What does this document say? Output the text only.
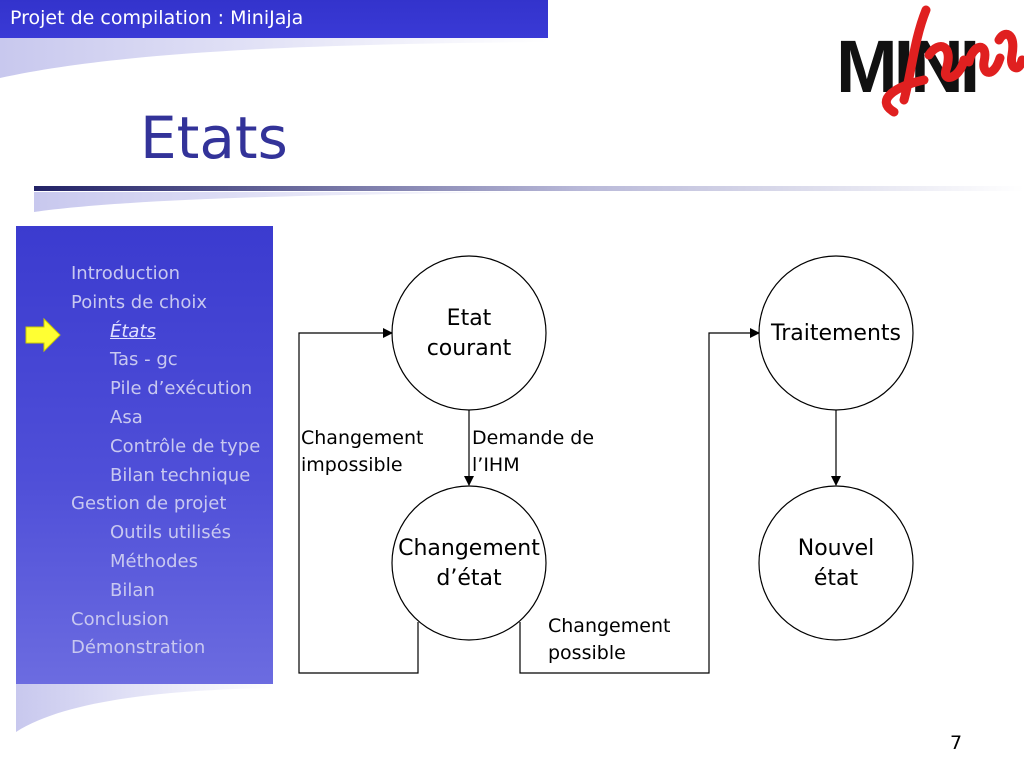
Projet de compilation : MiniJaja
MINI
Etats
Introduction
Points de choix
États
Tas - gc
Pile d’exécution
Asa
Contrôle de type
Bilan technique
Gestion de projet
Outils utilisés
Méthodes
Bilan
Conclusion
Démonstration
Etat
courant
Changement
d’état
Traitements
Nouvel
état
Changement
impossible
Demande de
l’IHM
Changement
possible
7
